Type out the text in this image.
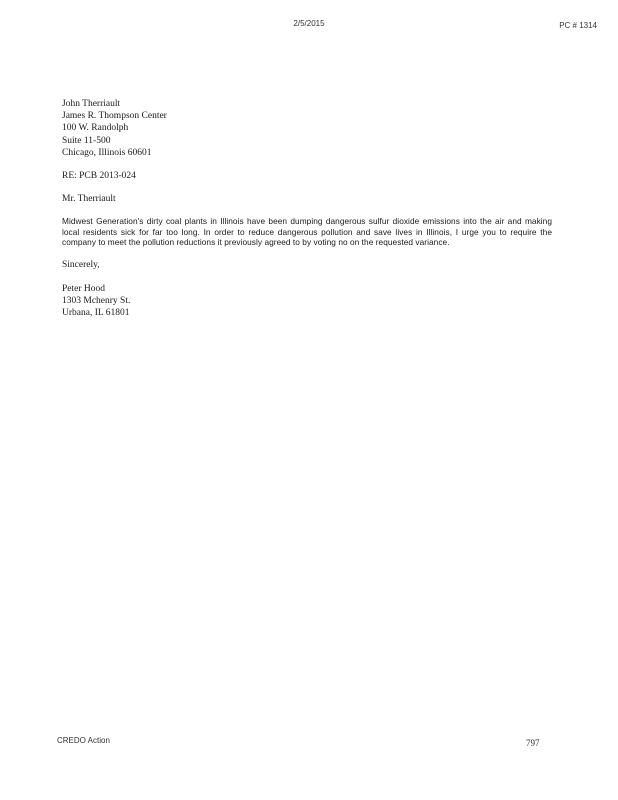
2/5/2015	PC # 1314
John Therriault
James R. Thompson Center
100 W. Randolph
Suite 11-500
Chicago, Illinois 60601
RE: PCB 2013-024
Mr. Therriault
Midwest Generation's dirty coal plants in Illinois have been dumping dangerous sulfur dioxide emissions into the air and making local residents sick for far too long. In order to reduce dangerous pollution and save lives in Illinois, I urge you to require the company to meet the pollution reductions it previously agreed to by voting no on the requested variance.
Sincerely,
Peter Hood
1303 Mchenry St.
Urbana, IL 61801
CREDO Action	797
